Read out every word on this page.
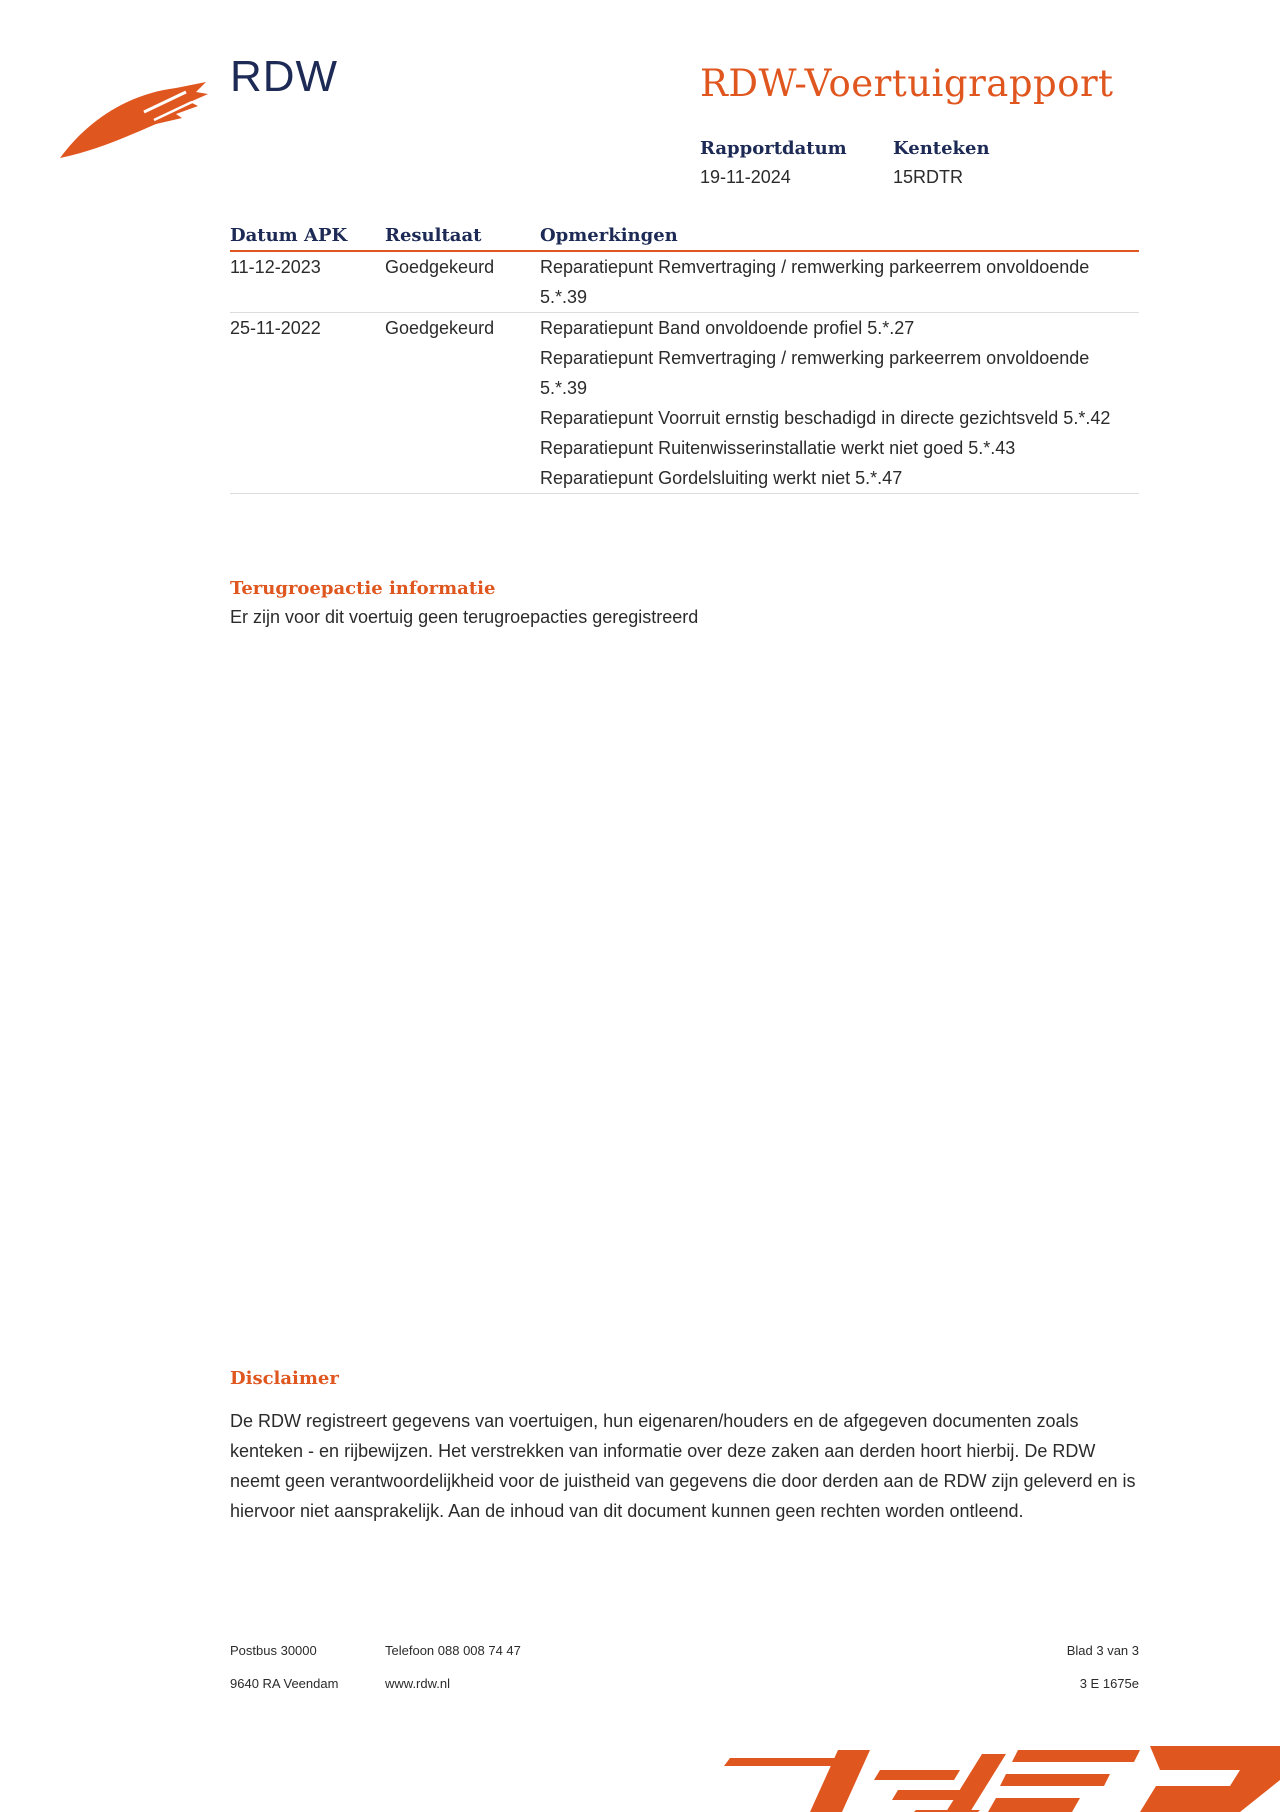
RDW	RDW-Voertuigrapport
Rapportdatum
19-11-2024
Kenteken
15RDTR
Datum APK	Resultaat	Opmerkingen
11-12-2023	Goedgekeurd	Reparatiepunt Remvertraging / remwerking parkeerrem onvoldoende 5.*.39

25-11-2022	Goedgekeurd	Reparatiepunt Band onvoldoende profiel 5.*.27
Reparatiepunt Remvertraging / remwerking parkeerrem onvoldoende 5.*.39
Reparatiepunt Voorruit ernstig beschadigd in directe gezichtsveld 5.*.42
Reparatiepunt Ruitenwisserinstallatie werkt niet goed 5.*.43
Reparatiepunt Gordelsluiting werkt niet 5.*.47
Terugroepactie informatie
Er zijn voor dit voertuig geen terugroepacties geregistreerd
Disclaimer
De RDW registreert gegevens van voertuigen, hun eigenaren/houders en de afgegeven documenten zoals kenteken - en rijbewijzen. Het verstrekken van informatie over deze zaken aan derden hoort hierbij. De RDW neemt geen verantwoordelijkheid voor de juistheid van gegevens die door derden aan de RDW zijn geleverd en is hiervoor niet aansprakelijk. Aan de inhoud van dit document kunnen geen rechten worden ontleend.
Postbus 30000
9640 RA Veendam
Telefoon 088 008 74 47
www.rdw.nl
Blad 3 van 3
3 E 1675e
